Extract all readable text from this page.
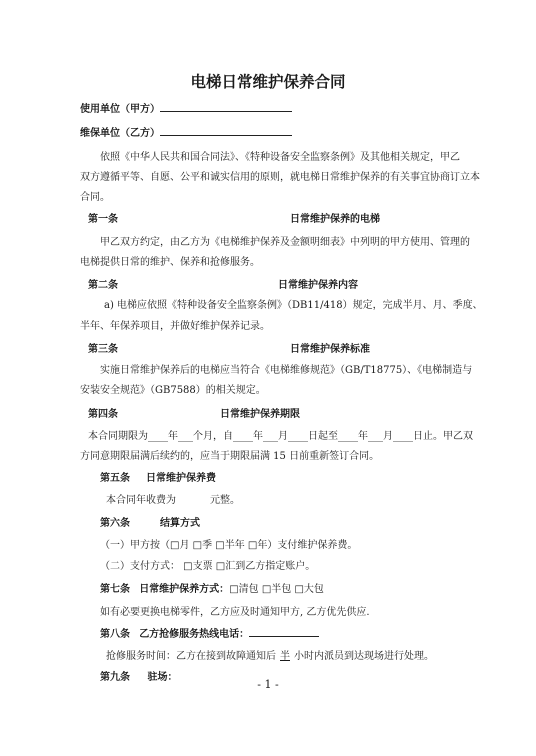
电梯日常维护保养合同
使用单位（甲方）
维保单位（乙方）
依照《中华人民共和国合同法》、《特种设备安全监察条例》及其他相关规定，甲乙
双方遵循平等、自愿、公平和诚实信用的原则，就电梯日常维护保养的有关事宜协商订立本
合同。
第一条	日常维护保养的电梯
甲乙双方约定，由乙方为《电梯维护保养及金额明细表》中列明的甲方使用、管理的
电梯提供日常的维护、保养和抢修服务。
第二条	日常维护保养内容
a) 电梯应依照《特种设备安全监察条例》（DB11/418）规定，完成半月、月、季度、
半年、年保养项目，并做好维护保养记录。
第三条	日常维护保养标准
实施日常维护保养后的电梯应当符合《电梯维修规范》（GB/T18775）、《电梯制造与
安装安全规范》（GB7588）的相关规定。
第四条	日常维护保养期限
本合同期限为____年___个月，自____年___月____日起至____年___月____日止。甲乙双
方同意期限届满后续约的，应当于期限届满 15 日前重新签订合同。
第五条 日常维护保养费
本合同年收费为	元整。
第六条	结算方式
（一）甲方按（□月 □季 □半年 □年）支付维护保养费。
（二）支付方式： □支票 □汇到乙方指定账户。
第七条 日常维护保养方式：□清包 □半包 □大包
如有必要更换电梯零件，乙方应及时通知甲方, 乙方优先供应.
第八条 乙方抢修服务热线电话：
抢修服务时间：乙方在接到故障通知后 半 小时内派员到达现场进行处理。
第九条 驻场：
- 1 -
